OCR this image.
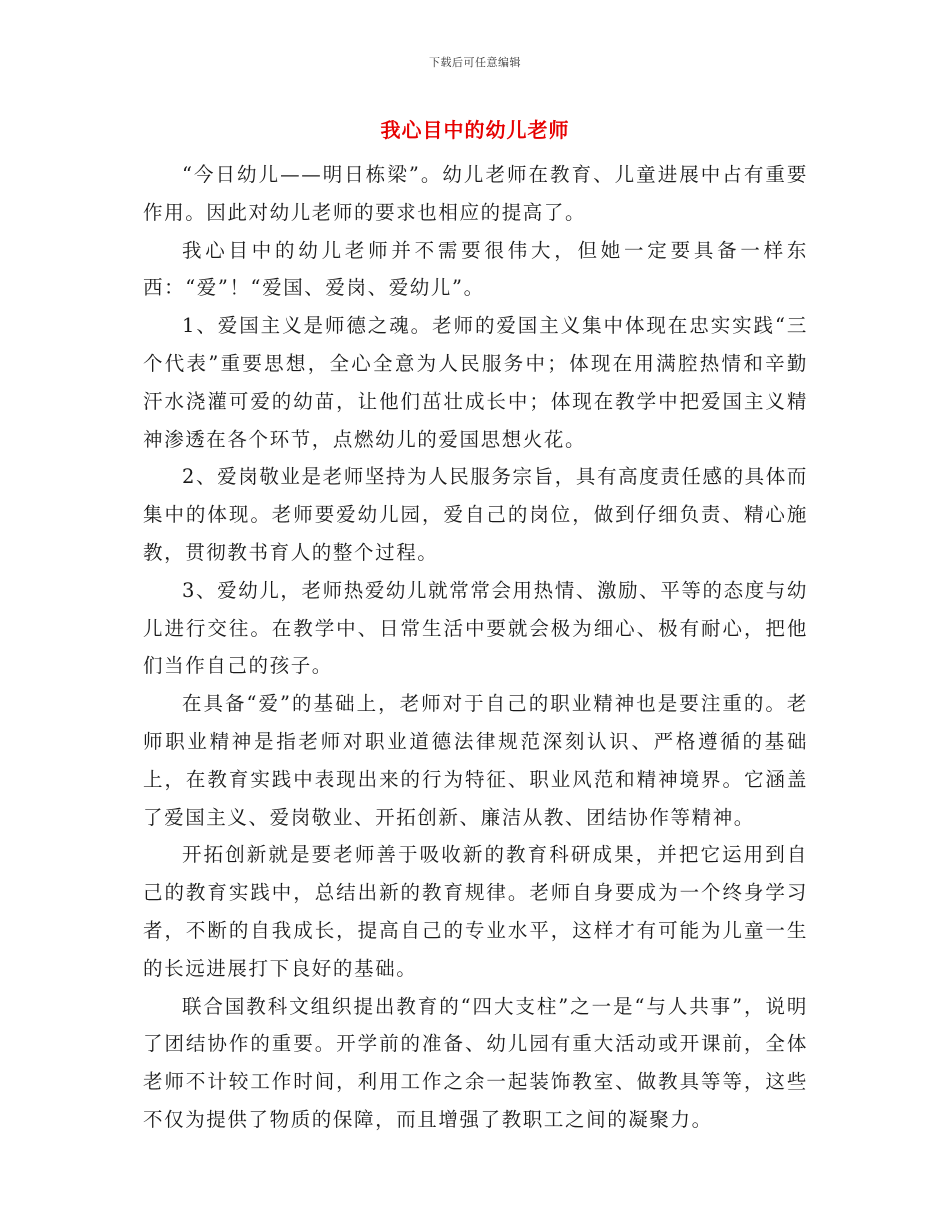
下载后可任意编辑
我心目中的幼儿老师

“今日幼儿——明日栋梁”。幼儿老师在教育、儿童进展中占有重要作用。因此对幼儿老师的要求也相应的提高了。

我心目中的幼儿老师并不需要很伟大，但她一定要具备一样东西：“爱”！“爱国、爱岗、爱幼儿”。

1、爱国主义是师德之魂。老师的爱国主义集中体现在忠实实践“三个代表”重要思想，全心全意为人民服务中；体现在用满腔热情和辛勤汗水浇灌可爱的幼苗，让他们茁壮成长中；体现在教学中把爱国主义精神渗透在各个环节，点燃幼儿的爱国思想火花。

2、爱岗敬业是老师坚持为人民服务宗旨，具有高度责任感的具体而集中的体现。老师要爱幼儿园，爱自己的岗位，做到仔细负责、精心施教，贯彻教书育人的整个过程。

3、爱幼儿，老师热爱幼儿就常常会用热情、激励、平等的态度与幼儿进行交往。在教学中、日常生活中要就会极为细心、极有耐心，把他们当作自己的孩子。

在具备“爱”的基础上，老师对于自己的职业精神也是要注重的。老师职业精神是指老师对职业道德法律规范深刻认识、严格遵循的基础上，在教育实践中表现出来的行为特征、职业风范和精神境界。它涵盖了爱国主义、爱岗敬业、开拓创新、廉洁从教、团结协作等精神。

开拓创新就是要老师善于吸收新的教育科研成果，并把它运用到自己的教育实践中，总结出新的教育规律。老师自身要成为一个终身学习者，不断的自我成长，提高自己的专业水平，这样才有可能为儿童一生的长远进展打下良好的基础。

联合国教科文组织提出教育的“四大支柱”之一是“与人共事”，说明了团结协作的重要。开学前的准备、幼儿园有重大活动或开课前，全体老师不计较工作时间，利用工作之余一起装饰教室、做教具等等，这些不仅为提供了物质的保障，而且增强了教职工之间的凝聚力。
